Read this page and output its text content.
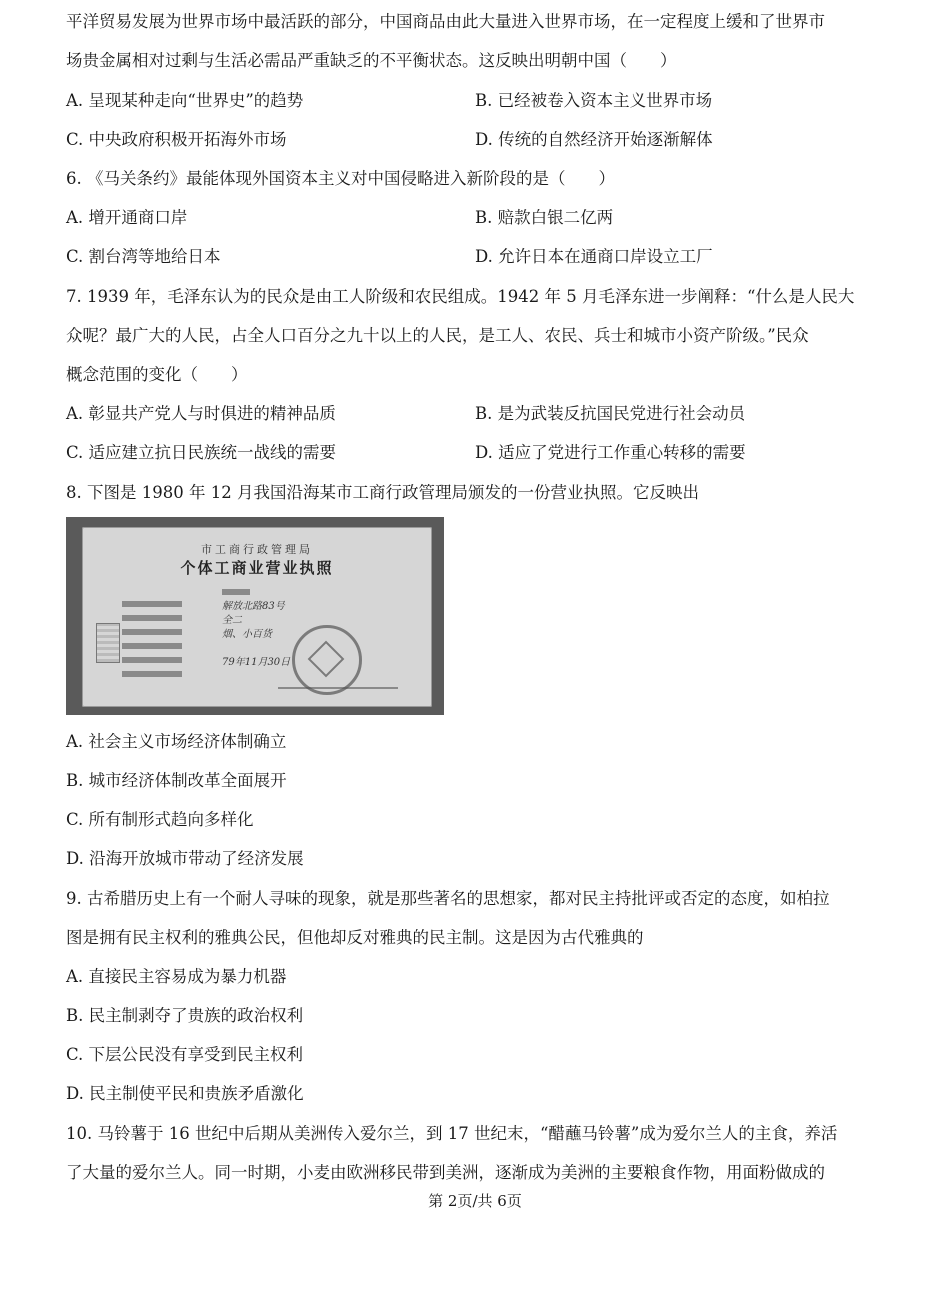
平洋贸易发展为世界市场中最活跃的部分，中国商品由此大量进入世界市场，在一定程度上缓和了世界市
场贵金属相对过剩与生活必需品严重缺乏的不平衡状态。这反映出明朝中国（　　）
A. 呈现某种走向“世界史”的趋势	B. 已经被卷入资本主义世界市场
C. 中央政府积极开拓海外市场	D. 传统的自然经济开始逐渐解体
6. 《马关条约》最能体现外国资本主义对中国侵略进入新阶段的是（　　）
A. 增开通商口岸	B. 赔款白银二亿两
C. 割台湾等地给日本	D. 允许日本在通商口岸设立工厂
7. 1939 年，毛泽东认为的民众是由工人阶级和农民组成。1942 年 5 月毛泽东进一步阐释：“什么是人民大
众呢？最广大的人民，占全人口百分之九十以上的人民，是工人、农民、兵士和城市小资产阶级。”民众
概念范围的变化（　　）
A. 彰显共产党人与时俱进的精神品质	B. 是为武装反抗国民党进行社会动员
C. 适应建立抗日民族统一战线的需要	D. 适应了党进行工作重心转移的需要
8. 下图是 1980 年 12 月我国沿海某市工商行政管理局颁发的一份营业执照。它反映出
市工商行政管理局
个体工商业营业执照
解放北路83号
全二
烟、小百货
79年11月30日
A. 社会主义市场经济体制确立
B. 城市经济体制改革全面展开
C. 所有制形式趋向多样化
D. 沿海开放城市带动了经济发展
9. 古希腊历史上有一个耐人寻味的现象，就是那些著名的思想家，都对民主持批评或否定的态度，如柏拉
图是拥有民主权利的雅典公民，但他却反对雅典的民主制。这是因为古代雅典的
A. 直接民主容易成为暴力机器
B. 民主制剥夺了贵族的政治权利
C. 下层公民没有享受到民主权利
D. 民主制使平民和贵族矛盾激化
10. 马铃薯于 16 世纪中后期从美洲传入爱尔兰，到 17 世纪末，“醋蘸马铃薯”成为爱尔兰人的主食，养活
了大量的爱尔兰人。同一时期，小麦由欧洲移民带到美洲，逐渐成为美洲的主要粮食作物，用面粉做成的
第 2页/共 6页
